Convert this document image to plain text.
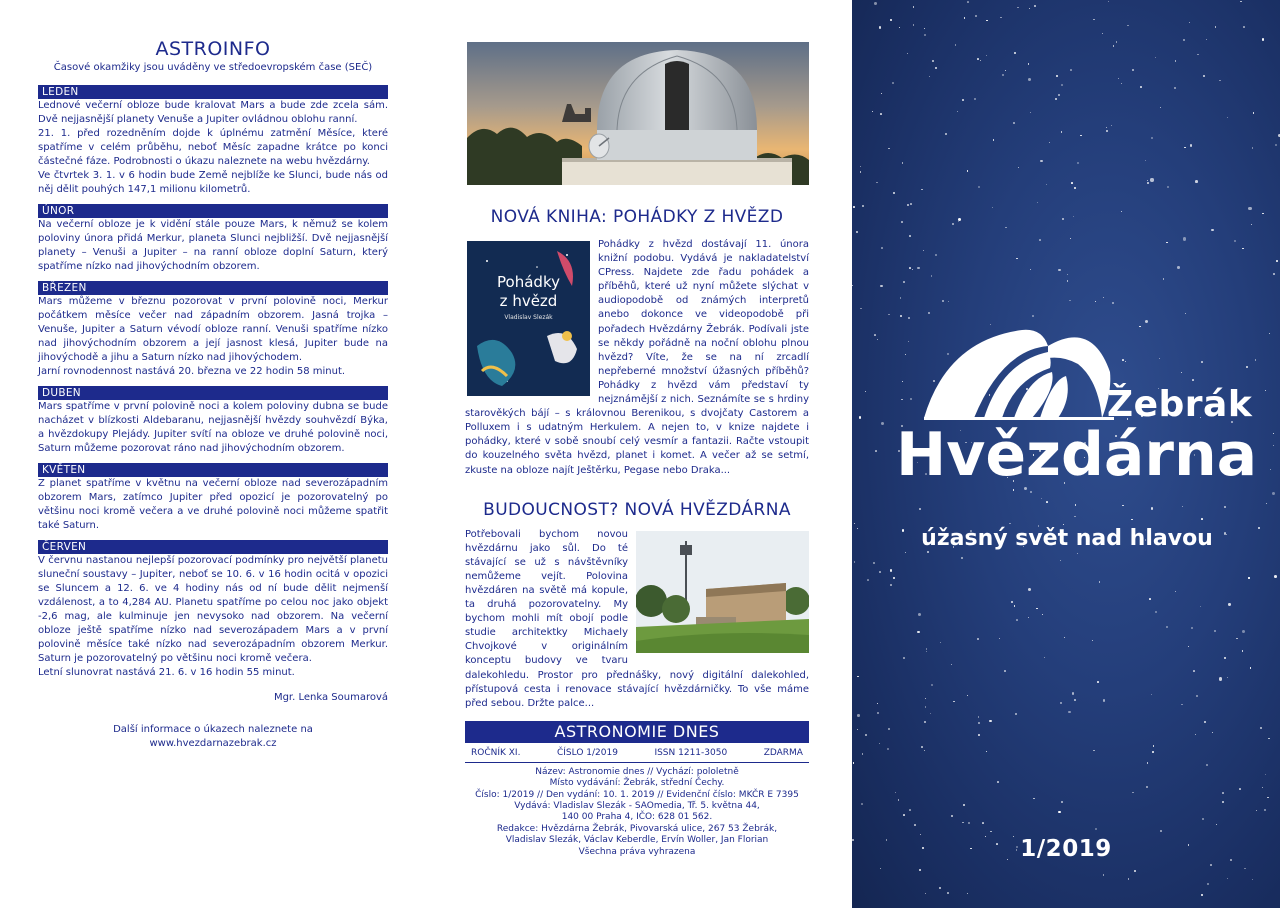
ASTROINFO
Časové okamžiky jsou uváděny ve středoevropském čase (SEČ)
LEDEN
Lednové večerní obloze bude kralovat Mars a bude zde zcela sám. Dvě nejjasnější planety Venuše a Jupiter ovládnou oblohu ranní.
21. 1. před rozedněním dojde k úplnému zatmění Měsíce, které spatříme v celém průběhu, neboť Měsíc zapadne krátce po konci částečné fáze. Podrobnosti o úkazu naleznete na webu hvězdárny.
Ve čtvrtek 3. 1. v 6 hodin bude Země nejblíže ke Slunci, bude nás od něj dělit pouhých 147,1 milionu kilometrů.
ÚNOR
Na večerní obloze je k vidění stále pouze Mars, k němuž se kolem poloviny února přidá Merkur, planeta Slunci nejbližší. Dvě nejjasnější planety – Venuši a Jupiter – na ranní obloze doplní Saturn, který spatříme nízko nad jihovýchodním obzorem.
BŘEZEN
Mars můžeme v březnu pozorovat v první polovině noci, Merkur počátkem měsíce večer nad západním obzorem. Jasná trojka – Venuše, Jupiter a Saturn vévodí obloze ranní. Venuši spatříme nízko nad jihovýchodním obzorem a její jasnost klesá, Jupiter bude na jihovýchodě a jihu a Saturn nízko nad jihovýchodem.
Jarní rovnodennost nastává 20. března ve 22 hodin 58 minut.
DUBEN
Mars spatříme v první polovině noci a kolem poloviny dubna se bude nacházet v blízkosti Aldebaranu, nejjasnější hvězdy souhvězdí Býka, a hvězdokupy Plejády. Jupiter svítí na obloze ve druhé polovině noci, Saturn můžeme pozorovat ráno nad jihovýchodním obzorem.
KVĚTEN
Z planet spatříme v květnu na večerní obloze nad severozápadním obzorem Mars, zatímco Jupiter před opozicí je pozorovatelný po většinu noci kromě večera a ve druhé polovině noci můžeme spatřit také Saturn.
ČERVEN
V červnu nastanou nejlepší pozorovací podmínky pro největší planetu sluneční soustavy – Jupiter, neboť se 10. 6. v 16 hodin ocitá v opozici se Sluncem a 12. 6. ve 4 hodiny nás od ní bude dělit nejmenší vzdálenost, a to 4,284 AU. Planetu spatříme po celou noc jako objekt -2,6 mag, ale kulminuje jen nevysoko nad obzorem. Na večerní obloze ještě spatříme nízko nad severozápadem Mars a v první polovině měsíce také nízko nad severozápadním obzorem Merkur. Saturn je pozorovatelný po většinu noci kromě večera.
Letní slunovrat nastává 21. 6. v 16 hodin 55 minut.
Mgr. Lenka Soumarová
Další informace o úkazech naleznete na
www.hvezdarnazebrak.cz
NOVÁ KNIHA: POHÁDKY Z HVĚZD
Pohádky
z hvězd
Vladislav Slezák
Pohádky z hvězd dostávají 11. února knižní podobu. Vydává je nakladatelství CPress. Najdete zde řadu pohádek a příběhů, které už nyní můžete slýchat v audiopodobě od známých interpretů anebo dokonce ve videopodobě při pořadech Hvězdárny Žebrák. Podívali jste se někdy pořádně na noční oblohu plnou hvězd? Víte, že se na ní zrcadlí nepřeberné množství úžasných příběhů? Pohádky z hvězd vám představí ty nejznámější z nich. Seznámíte se s hrdiny starověkých bájí – s královnou Berenikou, s dvojčaty Castorem a Polluxem i s udatným Herkulem. A nejen to, v knize najdete i pohádky, které v sobě snoubí celý vesmír a fantazii. Račte vstoupit do kouzelného světa hvězd, planet i komet. A večer až se setmí, zkuste na obloze najít Ještěrku, Pegase nebo Draka...
BUDOUCNOST? NOVÁ HVĚZDÁRNA
Potřebovali bychom novou hvězdárnu jako sůl. Do té stávající se už s návštěvníky nemůžeme vejít. Polovina hvězdáren na světě má kopule, ta druhá pozorovatelny. My bychom mohli mít obojí podle studie architektky Michaely Chvojkové v originálním konceptu budovy ve tvaru dalekohledu. Prostor pro přednášky, nový digitální dalekohled, přístupová cesta i renovace stávající hvězdárničky. To vše máme před sebou. Držte palce...
ASTRONOMIE DNES
ROČNÍK XI.	ČÍSLO 1/2019	ISSN 1211-3050	ZDARMA
Název: Astronomie dnes // Vychází: pololetně
Místo vydávání: Žebrák, střední Čechy.
Číslo: 1/2019 // Den vydání: 10. 1. 2019 // Evidenční číslo: MKČR E 7395
Vydává: Vladislav Slezák - SAOmedia, Tř. 5. května 44,
140 00 Praha 4, IČO: 628 01 562.
Redakce: Hvězdárna Žebrák, Pivovarská ulice, 267 53 Žebrák,
Vladislav Slezák, Václav Keberdle, Ervín Woller, Jan Florian
Všechna práva vyhrazena
Žebrák
Hvězdárna
úžasný svět nad hlavou
1/2019
